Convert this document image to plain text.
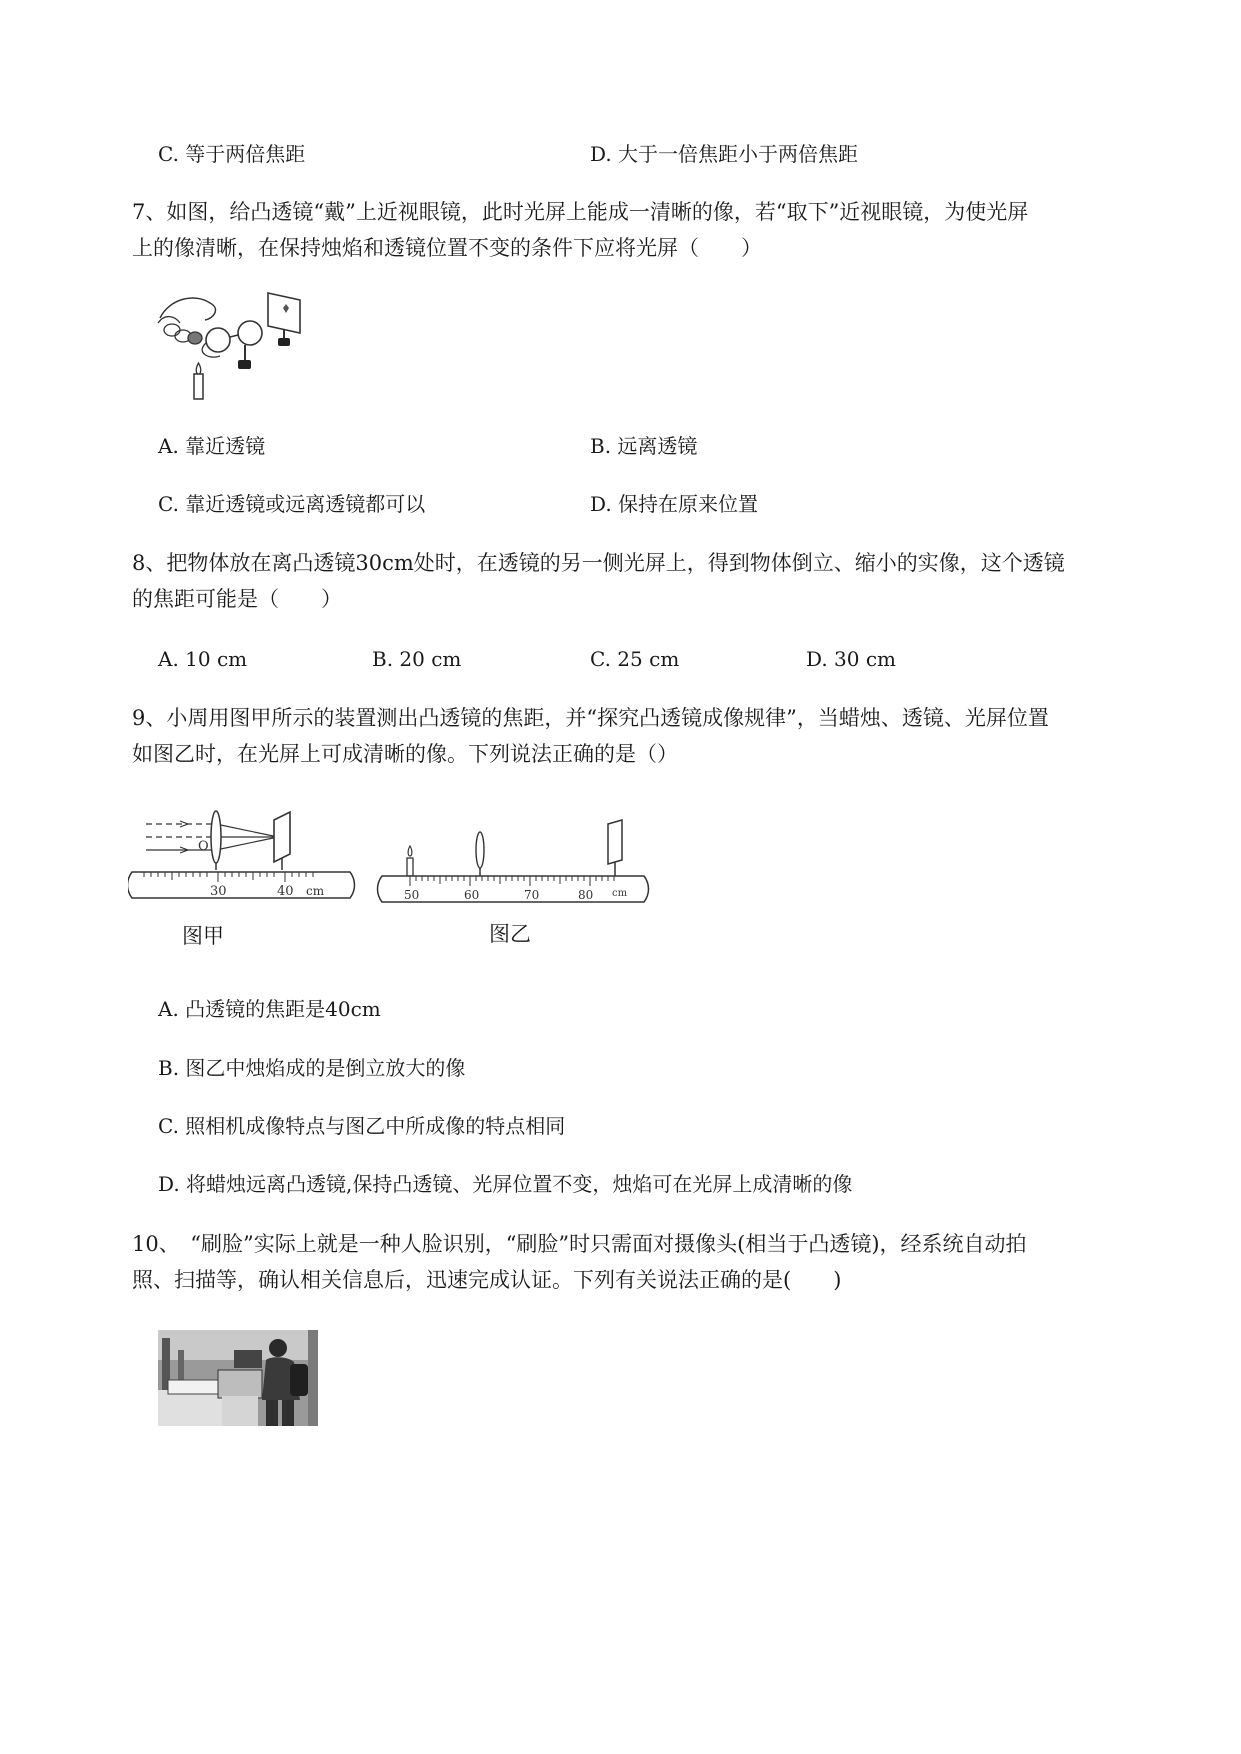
C. 等于两倍焦距	D. 大于一倍焦距小于两倍焦距
7、如图，给凸透镜“戴”上近视眼镜，此时光屏上能成一清晰的像，若“取下”近视眼镜，为使光屏
上的像清晰，在保持烛焰和透镜位置不变的条件下应将光屏（　　）
A. 靠近透镜	B. 远离透镜
C. 靠近透镜或远离透镜都可以	D. 保持在原来位置
8、把物体放在离凸透镜30cm处时，在透镜的另一侧光屏上，得到物体倒立、缩小的实像，这个透镜
的焦距可能是（　　）
A. 10 cm	B. 20 cm	C. 25 cm	D. 30 cm
9、小周用图甲所示的装置测出凸透镜的焦距，并“探究凸透镜成像规律”，当蜡烛、透镜、光屏位置
如图乙时，在光屏上可成清晰的像。下列说法正确的是（）
O
30	40 cm
图甲
50	60	70	80 cm
图乙
A. 凸透镜的焦距是40cm
B. 图乙中烛焰成的是倒立放大的像
C. 照相机成像特点与图乙中所成像的特点相同
D. 将蜡烛远离凸透镜,保持凸透镜、光屏位置不变，烛焰可在光屏上成清晰的像
10、　“刷脸”实际上就是一种人脸识别，“刷脸”时只需面对摄像头(相当于凸透镜)，经系统自动拍
照、扫描等，确认相关信息后，迅速完成认证。下列有关说法正确的是(　　)
